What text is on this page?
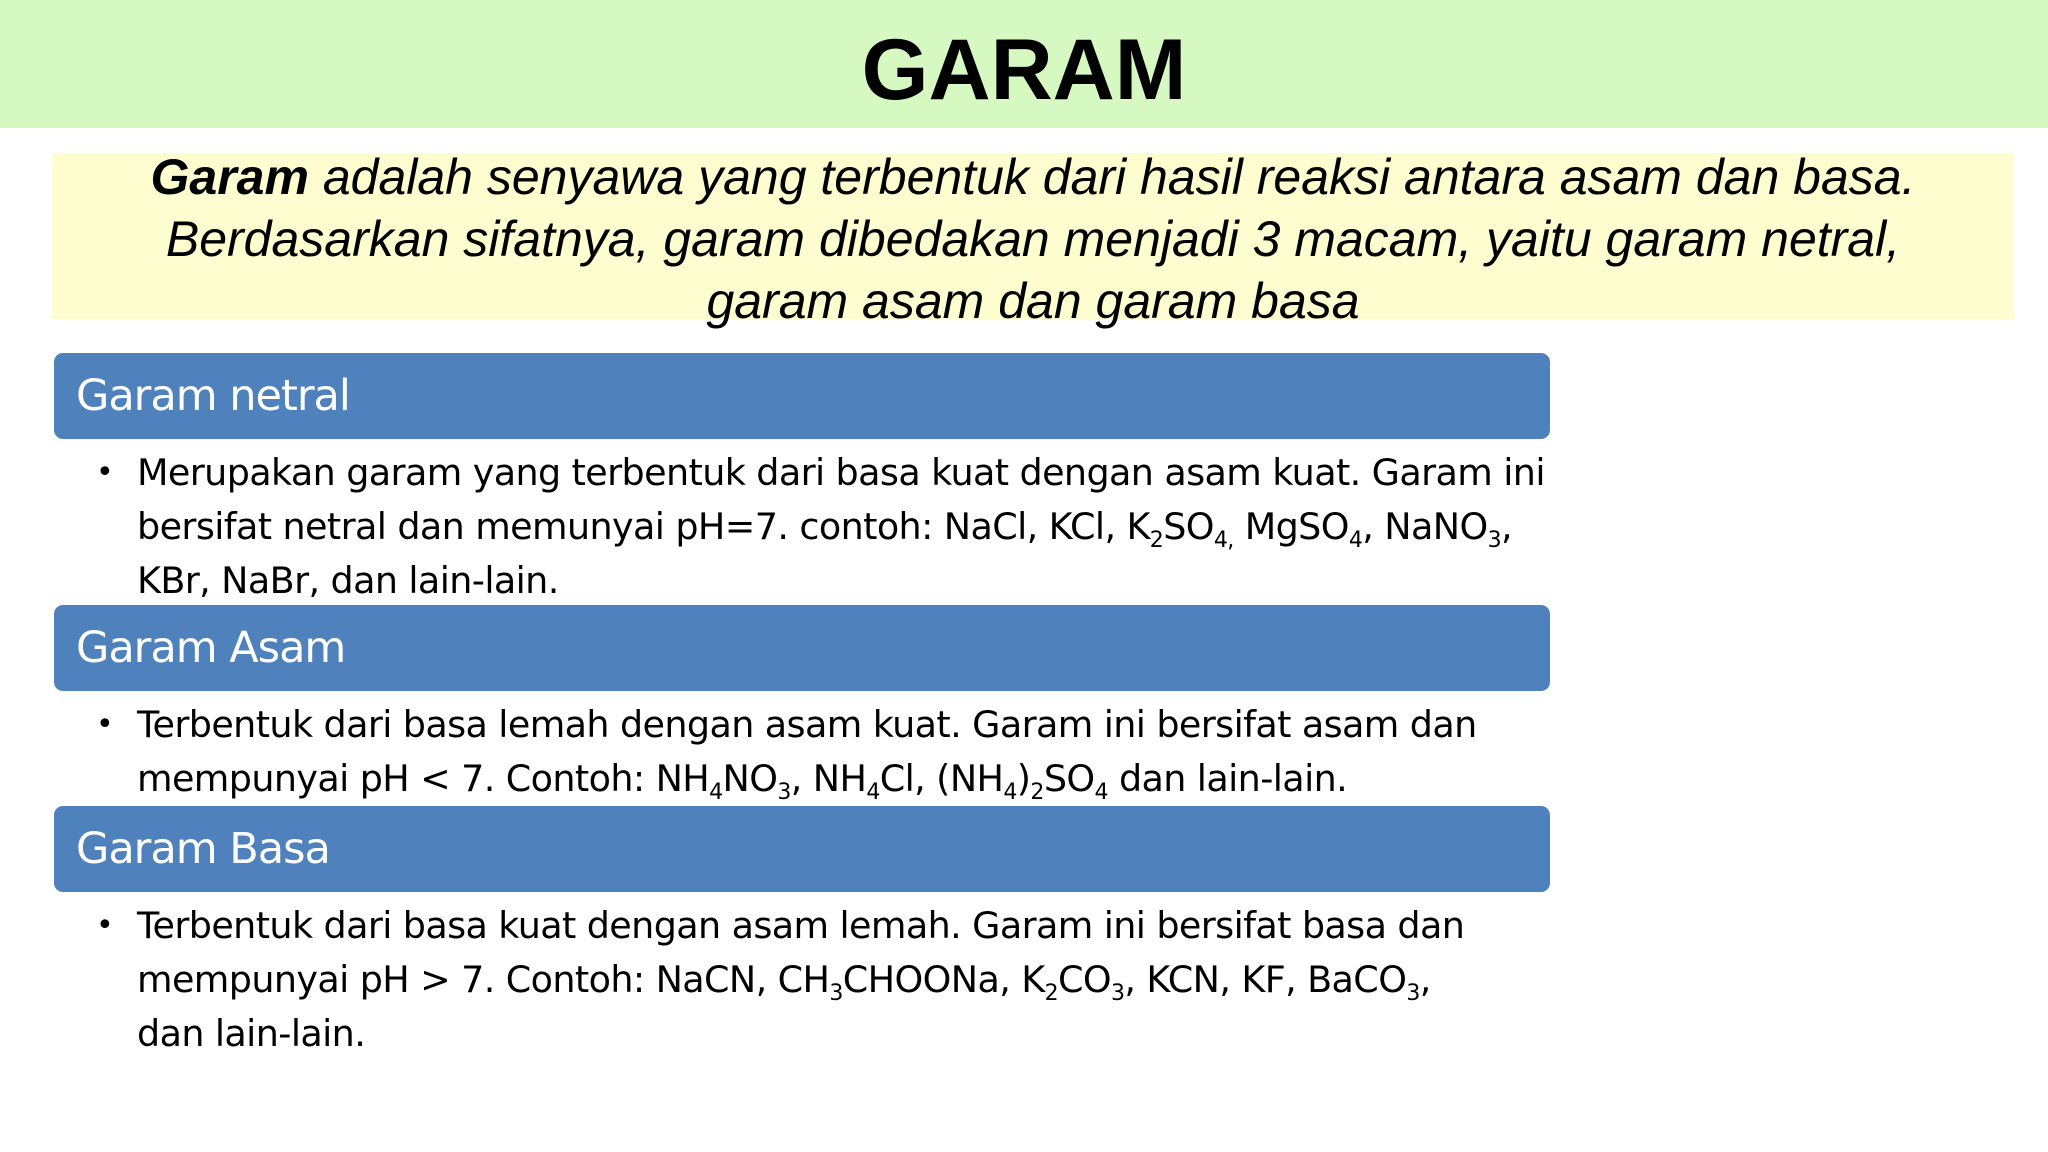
GARAM
Garam adalah senyawa yang terbentuk dari hasil reaksi antara asam dan basa.
Berdasarkan sifatnya, garam dibedakan menjadi 3 macam, yaitu garam netral,
garam asam dan garam basa
Garam netral
• Merupakan garam yang terbentuk dari basa kuat dengan asam kuat. Garam ini bersifat netral dan memunyai pH=7. contoh: NaCl, KCl, $K_2SO_{4,}$ MgSO$_4$, NaNO$_3$, KBr, NaBr, dan lain-lain.
Garam Asam
• Terbentuk dari basa lemah dengan asam kuat. Garam ini bersifat asam dan mempunyai pH < 7. Contoh: $NH_4NO_3$, $NH_4Cl$, $(NH_4)_2SO_4$ dan lain-lain.
Garam Basa
• Terbentuk dari basa kuat dengan asam lemah. Garam ini bersifat basa dan mempunyai pH > 7. Contoh: NaCN, $CH_3CHOONa$, $K_2CO_3$, KCN, KF, BaCO$_3$,
dan lain-lain.
